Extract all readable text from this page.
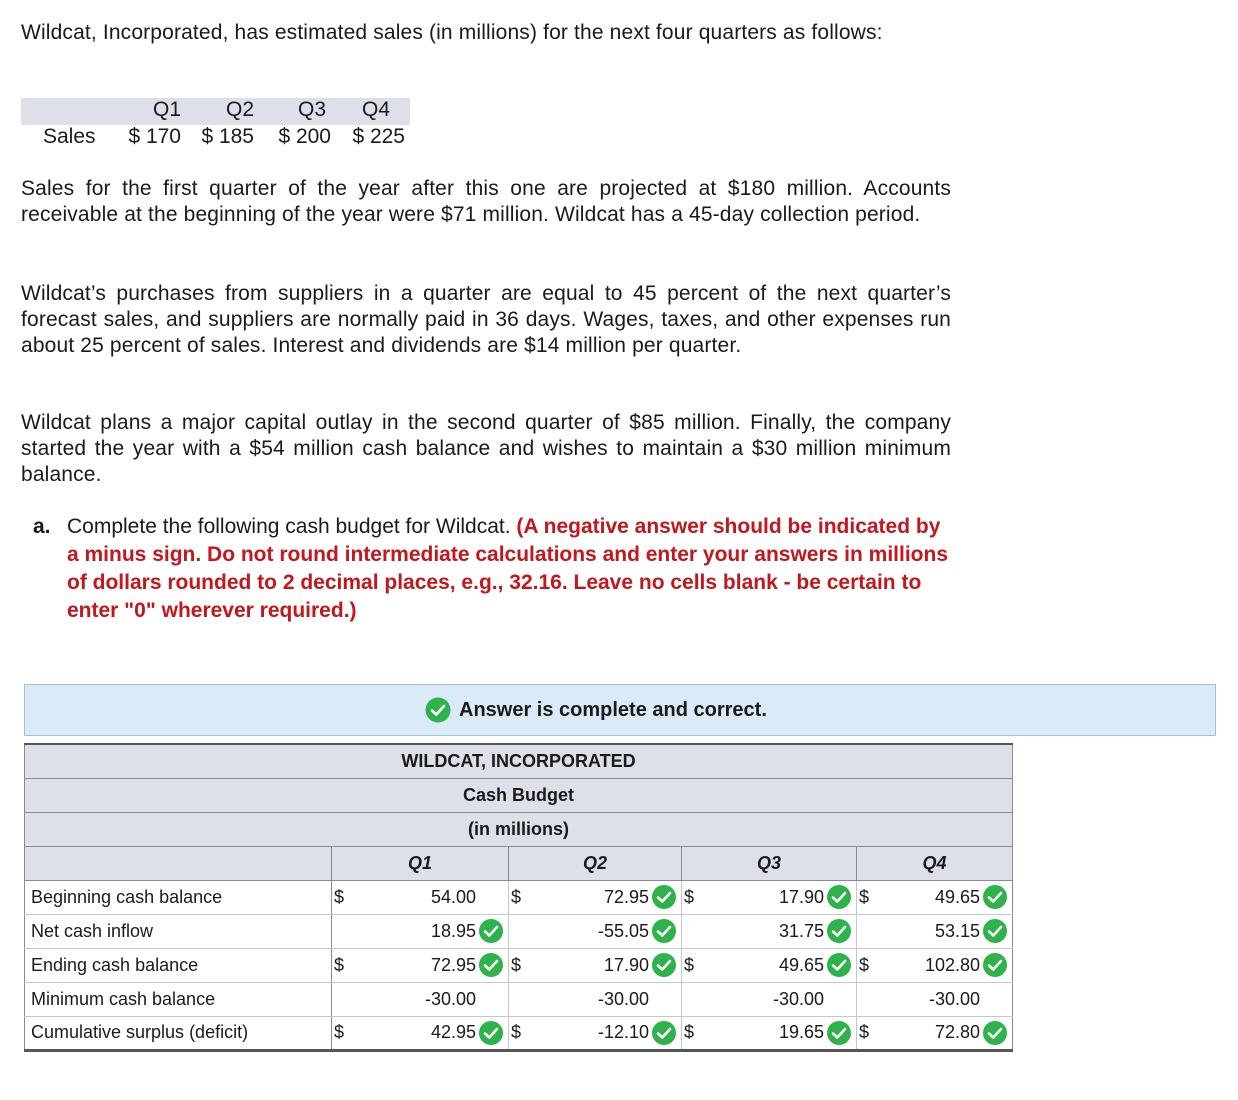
Wildcat, Incorporated, has estimated sales (in millions) for the next four quarters as follows:
Q1	Q2	Q3	Q4
Sales	$ 170 $ 185	$ 200	$ 225
Sales for the first quarter of the year after this one are projected at $180 million. Accounts receivable at the beginning of the year were $71 million. Wildcat has a 45-day collection period.
Wildcat’s purchases from suppliers in a quarter are equal to 45 percent of the next quarter’s forecast sales, and suppliers are normally paid in 36 days. Wages, taxes, and other expenses run about 25 percent of sales. Interest and dividends are $14 million per quarter.
Wildcat plans a major capital outlay in the second quarter of $85 million. Finally, the company started the year with a $54 million cash balance and wishes to maintain a $30 million minimum balance.
a. Complete the following cash budget for Wildcat. (A negative answer should be indicated by a minus sign. Do not round intermediate calculations and enter your answers in millions of dollars rounded to 2 decimal places, e.g., 32.16. Leave no cells blank - be certain to enter "0" wherever required.)
Answer is complete and correct.
WILDCAT, INCORPORATED								
Cash Budget								
(in millions)								
	Q1		Q2		Q3		Q4	
Beginning cash balance	$	54.00	$	72.95	$	17.90	$	49.65

Net cash inflow		18.95		-55.05		31.75		53.15

Ending cash balance	$	72.95	$	17.90	$	49.65	$	102.80

Minimum cash balance		-30.00		-30.00		-30.00		-30.00

Cumulative surplus (deficit)	$	42.95	$	-12.10	$	19.65	$	72.80
